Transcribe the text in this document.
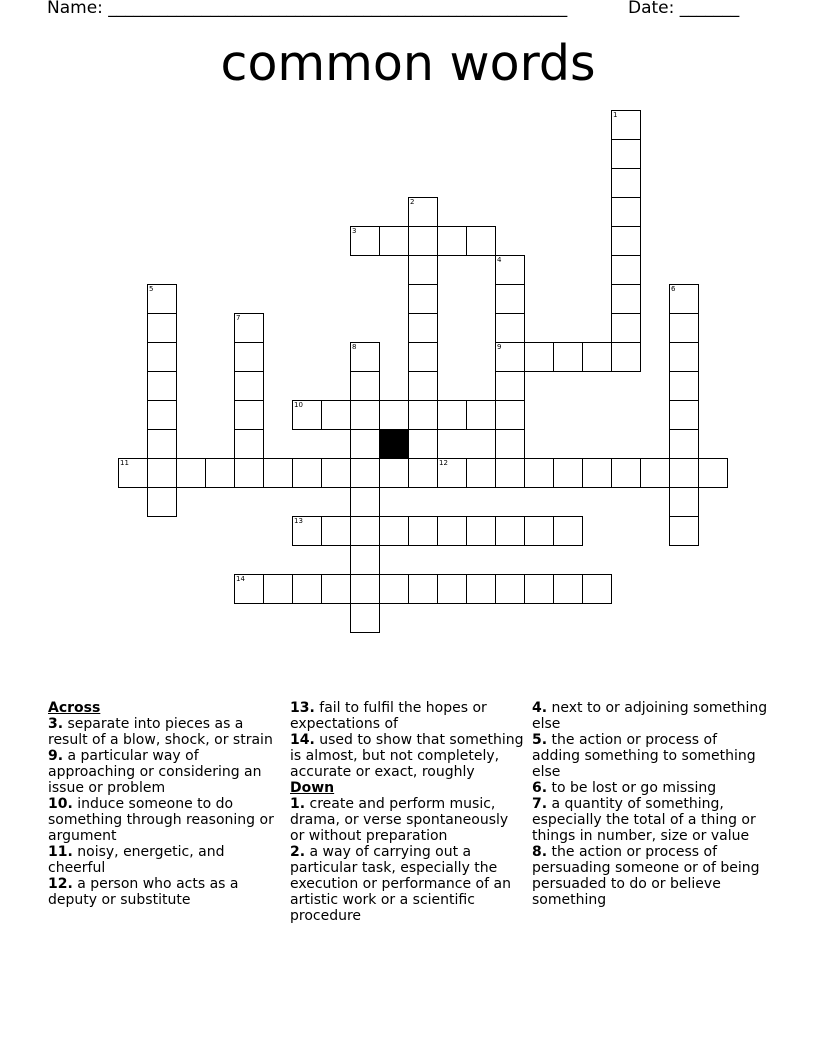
Name: ______________________________________________________	Date: _______
common words
1
2
3
4
5	6
7
8	9
10
11	12
13
14
Across

3. separate into pieces as a result of a blow, shock, or strain

9. a particular way of approaching or considering an issue or problem

10. induce someone to do something through reasoning or argument

11. noisy, energetic, and cheerful

12. a person who acts as a deputy or substitute

13. fail to fulfil the hopes or expectations of

14. used to show that something is almost, but not completely, accurate or exact, roughly

Down

1. create and perform music, drama, or verse spontaneously or without preparation

2. a way of carrying out a particular task, especially the execution or performance of an artistic work or a scientific procedure

4. next to or adjoining something else

5. the action or process of adding something to something else

6. to be lost or go missing

7. a quantity of something, especially the total of a thing or things in number, size or value

8. the action or process of persuading someone or of being persuaded to do or believe something
